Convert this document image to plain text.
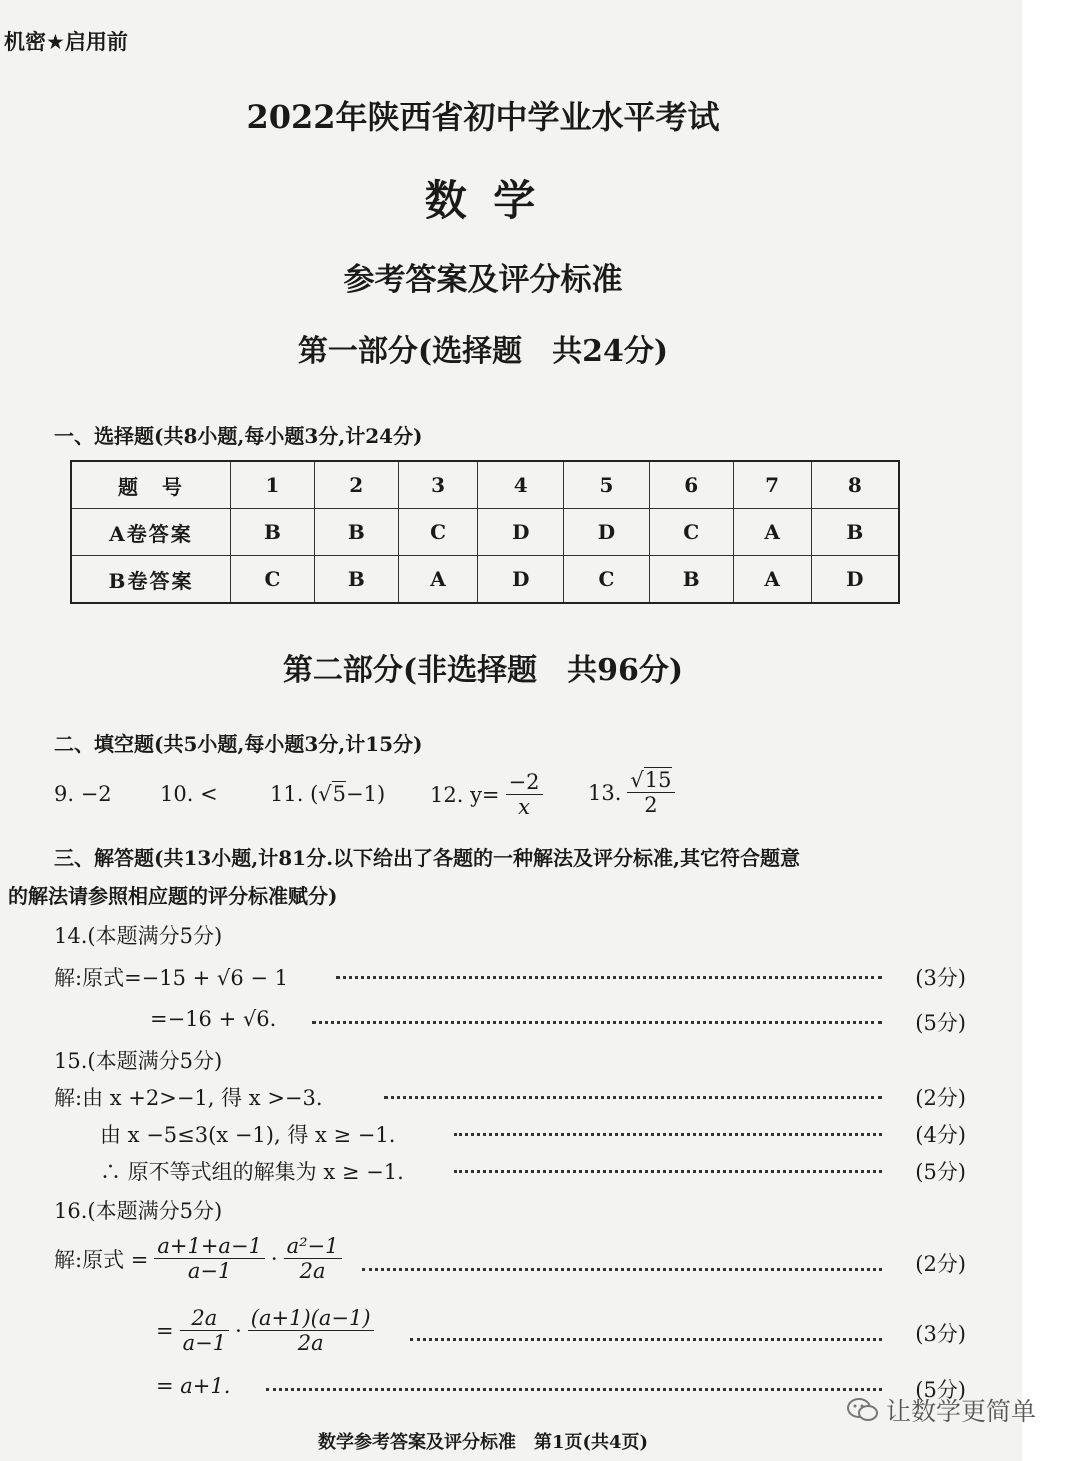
机密★启用前
2022年陕西省初中学业水平考试
数 学
参考答案及评分标准
第一部分(选择题　共24分)
一、选择题(共8小题,每小题3分,计24分)
题　号	1	2	3	4	5	6	7	8
A卷答案	B	B	C	D	D	C	A	B
B卷答案	C	B	A	D	C	B	A	D
第二部分(非选择题　共96分)
二、填空题(共5小题,每小题3分,计15分)
9. −2 10. < 11. (√5−1) 12. $y= \frac{-2}{x} 13$. $\frac{√15}{2}$
三、解答题(共13小题,计81分.以下给出了各题的一种解法及评分标准,其它符合题意
的解法请参照相应题的评分标准赋分)
14.(本题满分5分)
解:原式=−15 + √6 − 1	(3分)
=−16 + √6.	(5分)
15.(本题满分5分)
解:由 x +2>−1, 得 x >−3.	(2分)
由 x −5≤3(x −1), 得 x ≥ −1.	(4分)
∴ 原不等式组的解集为 x ≥ −1.	(5分)
16.(本题满分5分)
解:原式 = $\frac{a+1+a-1}{a-1} \cdot \frac{\text{a²−1}}{2a}$	(2分)
= $\frac{2a}{a-1} \cdot \frac{(a+1)(a-1)}{2a}$	(3分)
= a+1.	(5分)
数学参考答案及评分标准　第1页(共4页)
让数学更简单
